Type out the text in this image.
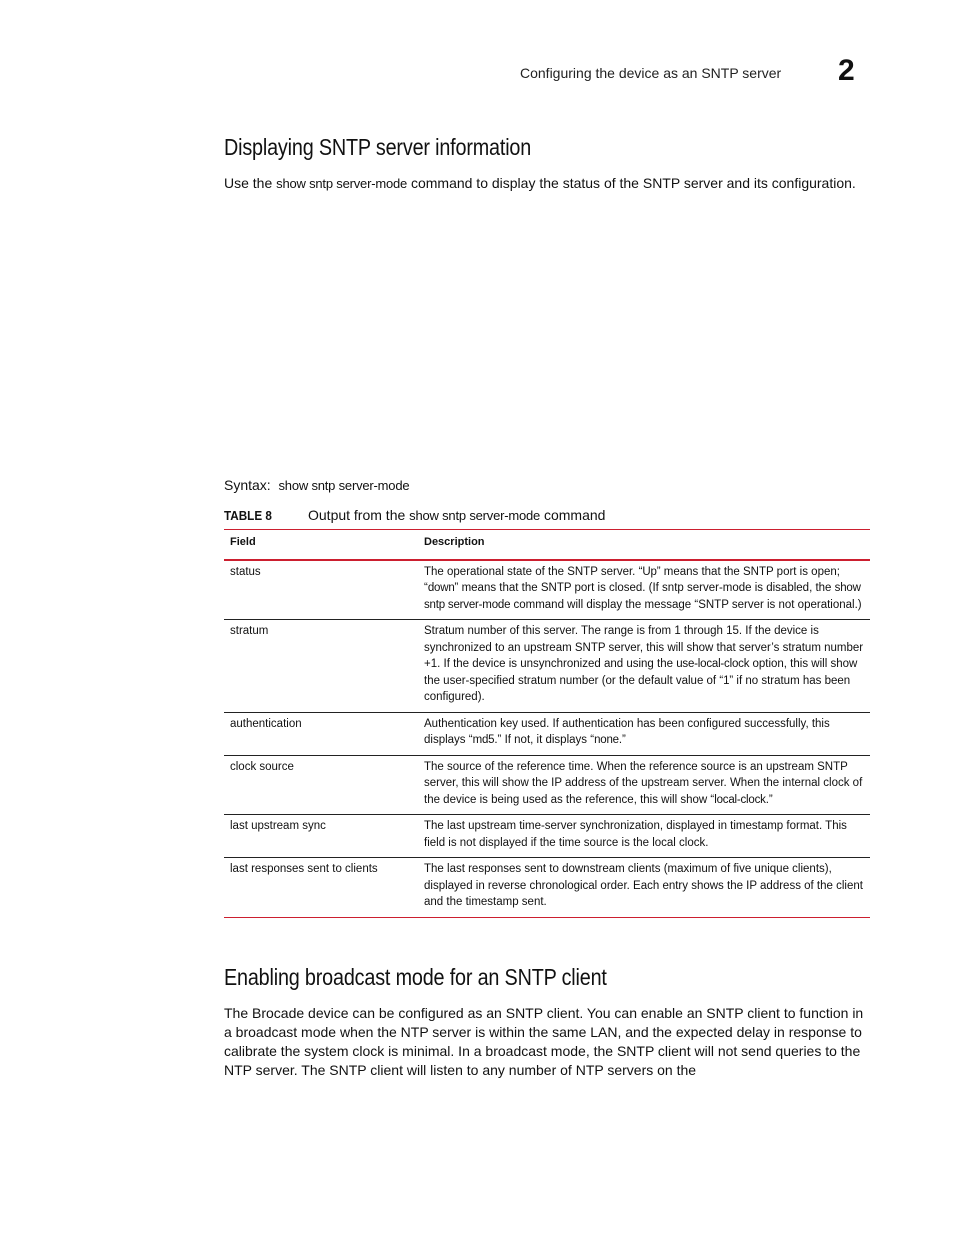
Configuring the device as an SNTP server 2
Displaying SNTP server information

Use the show sntp server-mode command to display the status of the SNTP server and its configuration.

Syntax: show sntp server-mode
TABLE 8	Output from the show sntp server-mode command
Field	Description
status	The operational state of the SNTP server. “Up” means that the SNTP port is open; “down” means that the SNTP port is closed. (If sntp server-mode is disabled, the show sntp server-mode command will display the message “SNTP server is not operational.)
stratum	Stratum number of this server. The range is from 1 through 15. If the device is synchronized to an upstream SNTP server, this will show that server’s stratum number +1. If the device is unsynchronized and using the use-local-clock option, this will show the user-specified stratum number (or the default value of “1” if no stratum has been configured).
authentication	Authentication key used. If authentication has been configured successfully, this displays “md5.” If not, it displays “none.”
clock source	The source of the reference time. When the reference source is an upstream SNTP server, this will show the IP address of the upstream server. When the internal clock of the device is being used as the reference, this will show “local-clock.”
last upstream sync	The last upstream time-server synchronization, displayed in timestamp format. This field is not displayed if the time source is the local clock.
last responses sent to clients	The last responses sent to downstream clients (maximum of five unique clients), displayed in reverse chronological order. Each entry shows the IP address of the client and the timestamp sent.
Enabling broadcast mode for an SNTP client

The Brocade device can be configured as an SNTP client. You can enable an SNTP client to function in a broadcast mode when the NTP server is within the same LAN, and the expected delay in response to calibrate the system clock is minimal. In a broadcast mode, the SNTP client will not send queries to the NTP server. The SNTP client will listen to any number of NTP servers on the
